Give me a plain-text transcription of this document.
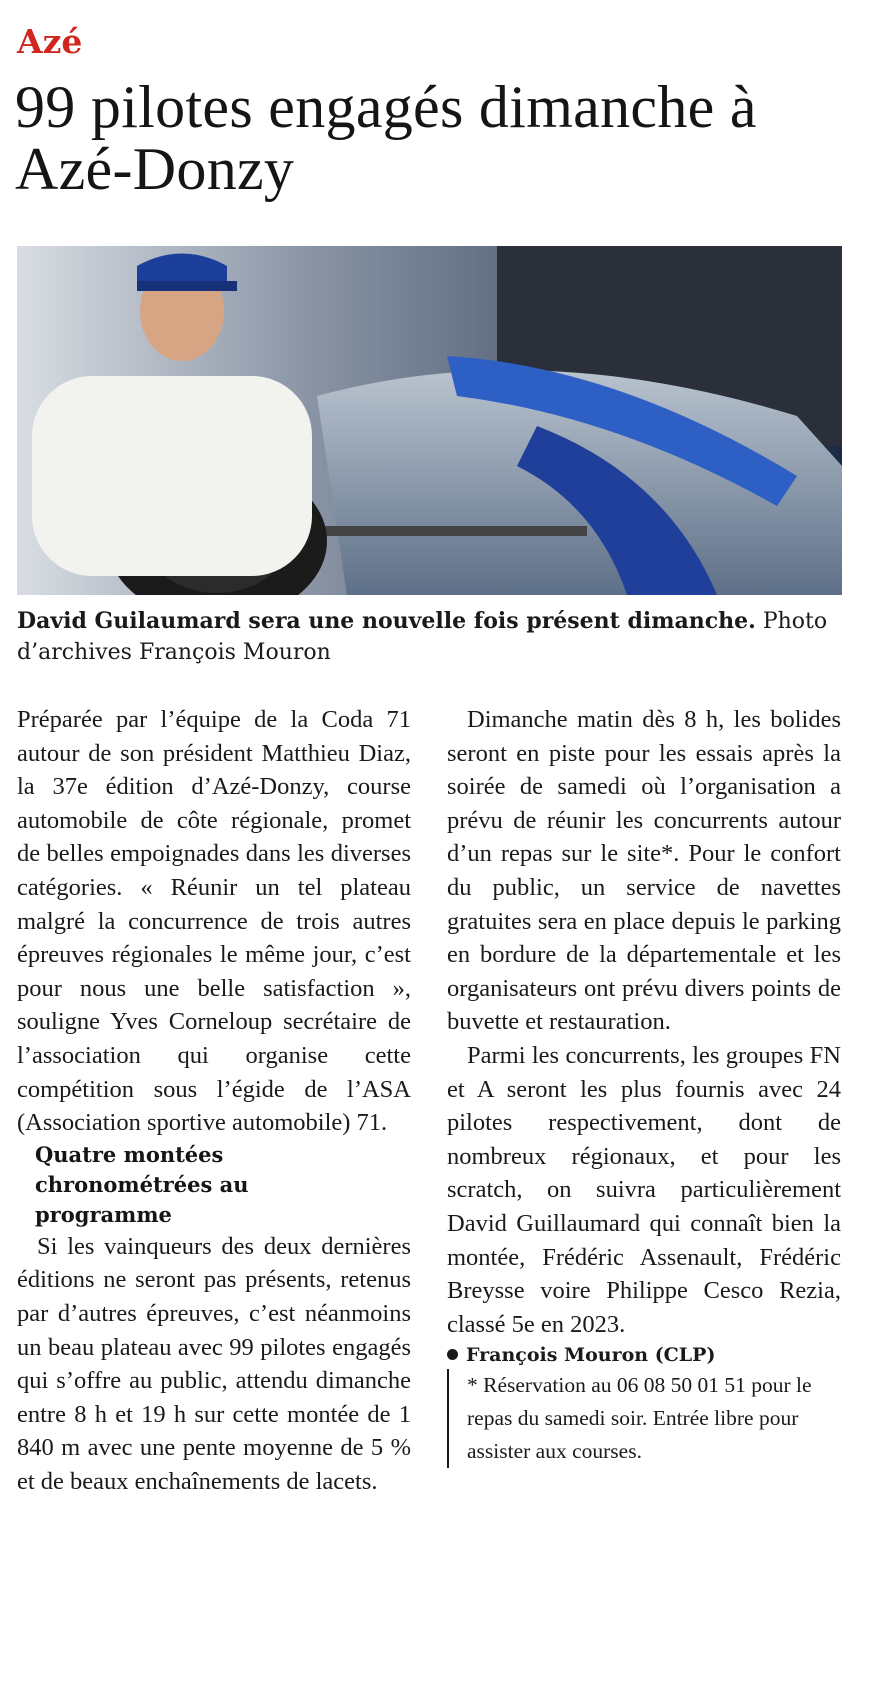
Azé
99 pilotes engagés dimanche à Azé-Donzy

David Guilaumard sera une nouvelle fois présent dimanche. Photo d’archives François Mouron

Préparée par l’équipe de la Coda 71 autour de son président Matthieu Diaz, la 37e édition d’Azé-Donzy, course automobile de côte régionale, promet de belles empoignades dans les diverses catégories. « Réunir un tel plateau malgré la concurrence de trois autres épreuves régionales le même jour, c’est pour nous une belle satisfaction », souligne Yves Corneloup secrétaire de l’association qui organise cette compétition sous l’égide de l’ASA (Association sportive automobile) 71.

Quatre montées chronométrées au programme

Si les vainqueurs des deux dernières éditions ne seront pas présents, retenus par d’autres épreuves, c’est néanmoins un beau plateau avec 99 pilotes engagés qui s’offre au public, attendu dimanche entre 8 h et 19 h sur cette montée de 1 840 m avec une pente moyenne de 5 % et de beaux enchaînements de lacets.

Dimanche matin dès 8 h, les bolides seront en piste pour les essais après la soirée de samedi où l’organisation a prévu de réunir les concurrents autour d’un repas sur le site*. Pour le confort du public, un service de navettes gratuites sera en place depuis le parking en bordure de la départementale et les organisateurs ont prévu divers points de buvette et restauration.

Parmi les concurrents, les groupes FN et A seront les plus fournis avec 24 pilotes respectivement, dont de nombreux régionaux, et pour les scratch, on suivra particulièrement David Guillaumard qui connaît bien la montée, Frédéric Assenault, Frédéric Breysse voire Philippe Cesco Rezia, classé 5e en 2023.

François Mouron (CLP)

* Réservation au 06 08 50 01 51 pour le repas du samedi soir. Entrée libre pour assister aux courses.
